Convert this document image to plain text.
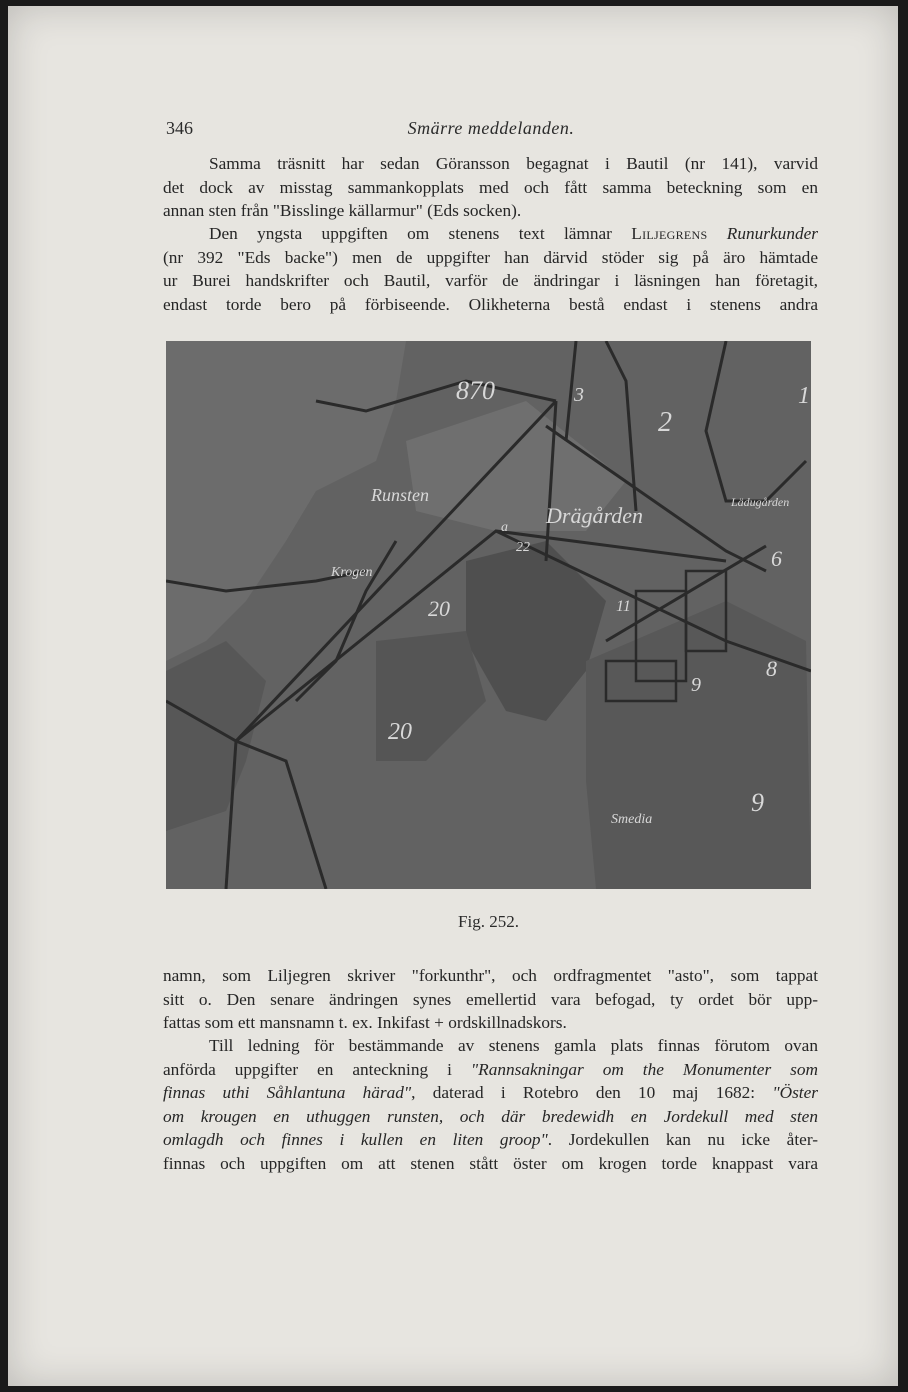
346	Smärre meddelanden.

Samma träsnitt har sedan Göransson begagnat i Bautil (nr 141), varvid
det dock av misstag sammankopplats med och fått samma beteckning som en
annan sten från "Bisslinge källarmur" (Eds socken).

Den yngsta uppgiften om stenens text lämnar Liljegrens Runurkunder
(nr 392 "Eds backe") men de uppgifter han därvid stöder sig på äro hämtade
ur Burei handskrifter och Bautil, varför de ändringar i läsningen han företagit,
endast torde bero på förbiseende. Olikheterna bestå endast i stenens andra

870	3
2
1
Runsten
a Drägården
Lädugården
6
Krogen
22
20
8
9
20
Smedia
9
11
Fig. 252.

namn, som Liljegren skriver "forkunthr", och ordfragmentet "asto", som tappat
sitt o. Den senare ändringen synes emellertid vara befogad, ty ordet bör upp-
fattas som ett mansnamn t. ex. Inkifast + ordskillnadskors.

Till ledning för bestämmande av stenens gamla plats finnas förutom ovan
anförda uppgifter en anteckning i "Rannsakningar om the Monumenter som
finnas uthi Såhlantuna härad", daterad i Rotebro den 10 maj 1682: "Öster
om krougen en uthuggen runsten, och där bredewidh en Jordekull med sten
omlagdh och finnes i kullen en liten groop". Jordekullen kan nu icke åter-
finnas och uppgiften om att stenen stått öster om krogen torde knappast vara
